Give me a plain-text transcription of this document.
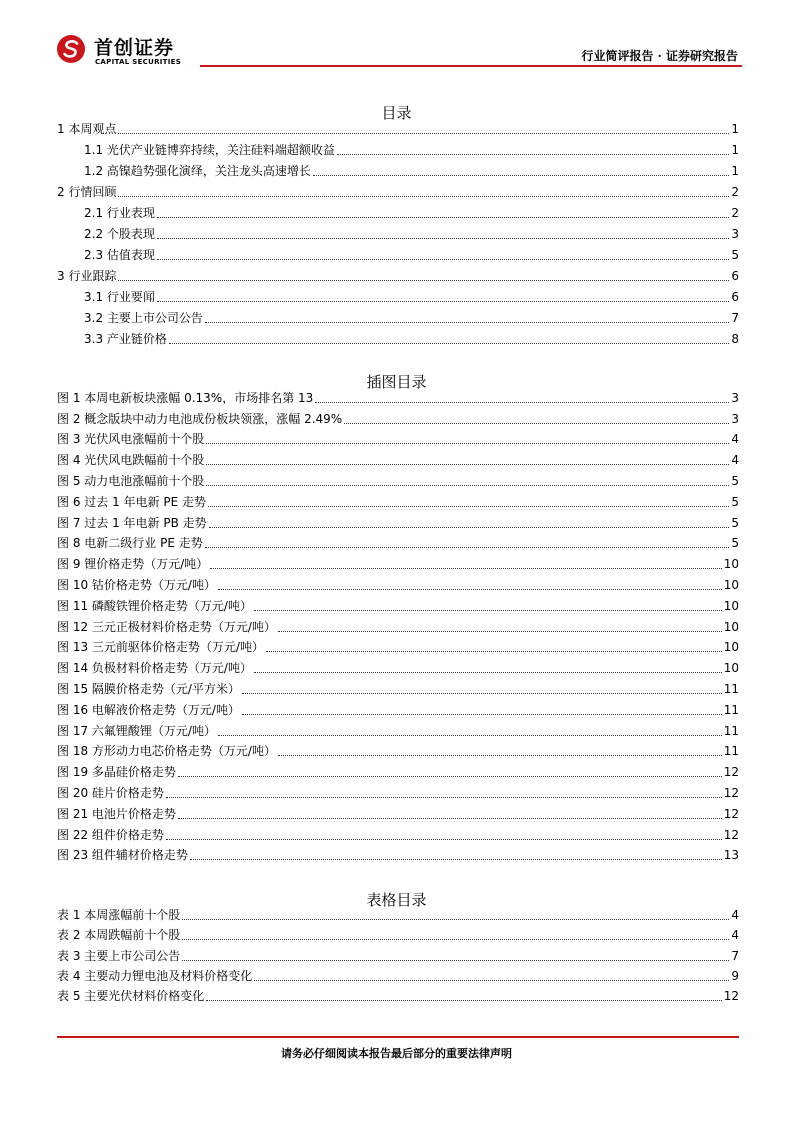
首创证券
CAPITAL SECURITIES	行业简评报告 · 证券研究报告
目录
1 本周观点	1
1.1 光伏产业链博弈持续，关注硅料端超额收益	1
1.2 高镍趋势强化演绎，关注龙头高速增长	1
2 行情回顾	2
2.1 行业表现	2
2.2 个股表现	3
2.3 估值表现	5
3 行业跟踪	6
3.1 行业要闻	6
3.2 主要上市公司公告	7
3.3 产业链价格	8
插图目录
图 1 本周电新板块涨幅 0.13%，市场排名第 13	3
图 2 概念版块中动力电池成份板块领涨，涨幅 2.49%	3
图 3 光伏风电涨幅前十个股	4
图 4 光伏风电跌幅前十个股	4
图 5 动力电池涨幅前十个股	5
图 6 过去 1 年电新 PE 走势	5
图 7 过去 1 年电新 PB 走势	5
图 8 电新二级行业 PE 走势	5
图 9 锂价格走势（万元/吨）	10
图 10 钴价格走势（万元/吨）	10
图 11 磷酸铁锂价格走势（万元/吨）	10
图 12 三元正极材料价格走势（万元/吨）	10
图 13 三元前驱体价格走势（万元/吨）	10
图 14 负极材料价格走势（万元/吨）	10
图 15 隔膜价格走势（元/平方米）	11
图 16 电解液价格走势（万元/吨）	11
图 17 六氟锂酸锂（万元/吨）	11
图 18 方形动力电芯价格走势（万元/吨）	11
图 19 多晶硅价格走势	12
图 20 硅片价格走势	12
图 21 电池片价格走势	12
图 22 组件价格走势	12
图 23 组件辅材价格走势	13
表格目录
表 1 本周涨幅前十个股	4
表 2 本周跌幅前十个股	4
表 3 主要上市公司公告	7
表 4 主要动力锂电池及材料价格变化	9
表 5 主要光伏材料价格变化	12
请务必仔细阅读本报告最后部分的重要法律声明
